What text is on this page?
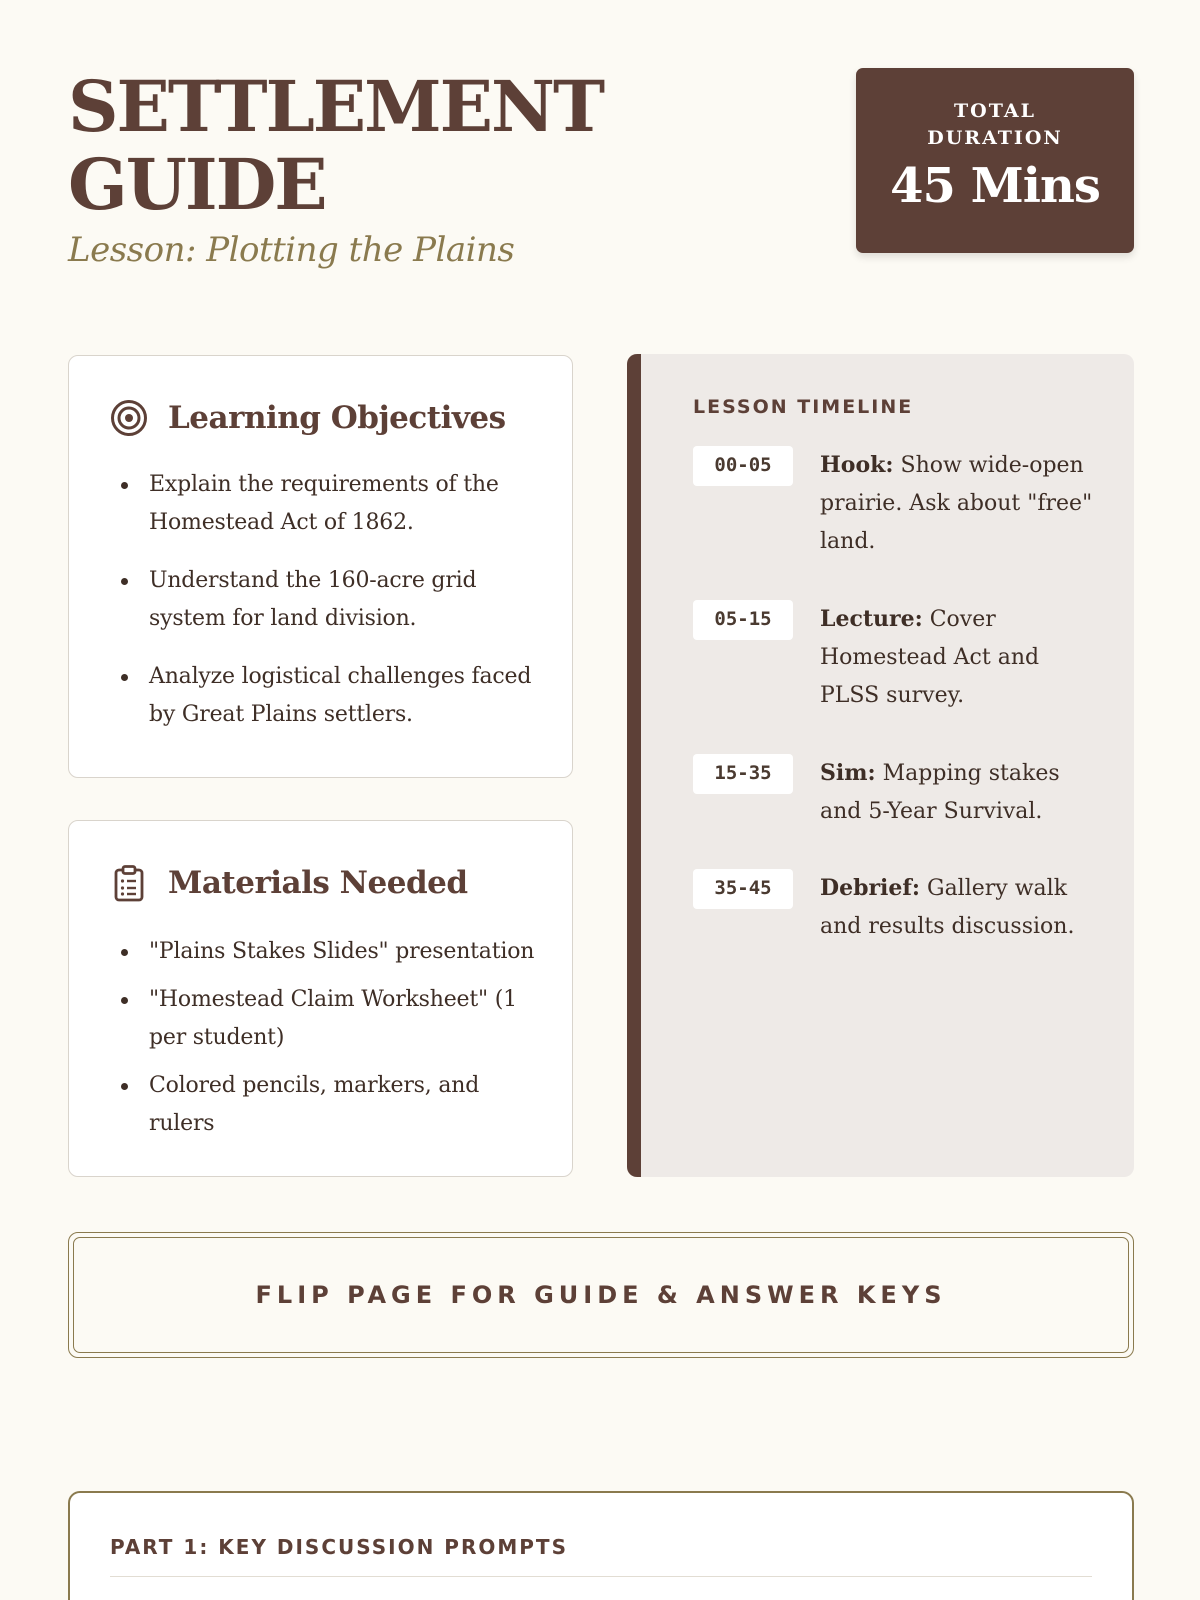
SETTLEMENT
GUIDE
Lesson: Plotting the Plains
TOTAL DURATION
45 Mins
Learning Objectives
Explain the requirements of the Homestead Act of 1862.
Understand the 160-acre grid system for land division.
Analyze logistical challenges faced by Great Plains settlers.
Materials Needed
"Plains Stakes Slides" presentation
"Homestead Claim Worksheet" (1 per student)
Colored pencils, markers, and rulers
LESSON TIMELINE
00-05	Hook: Show wide-open prairie. Ask about "free" land.
05-15	Lecture: Cover Homestead Act and PLSS survey.
15-35	Sim: Mapping stakes and 5-Year Survival.
35-45	Debrief: Gallery walk and results discussion.
FLIP PAGE FOR GUIDE & ANSWER KEYS
PART 1: KEY DISCUSSION PROMPTS
